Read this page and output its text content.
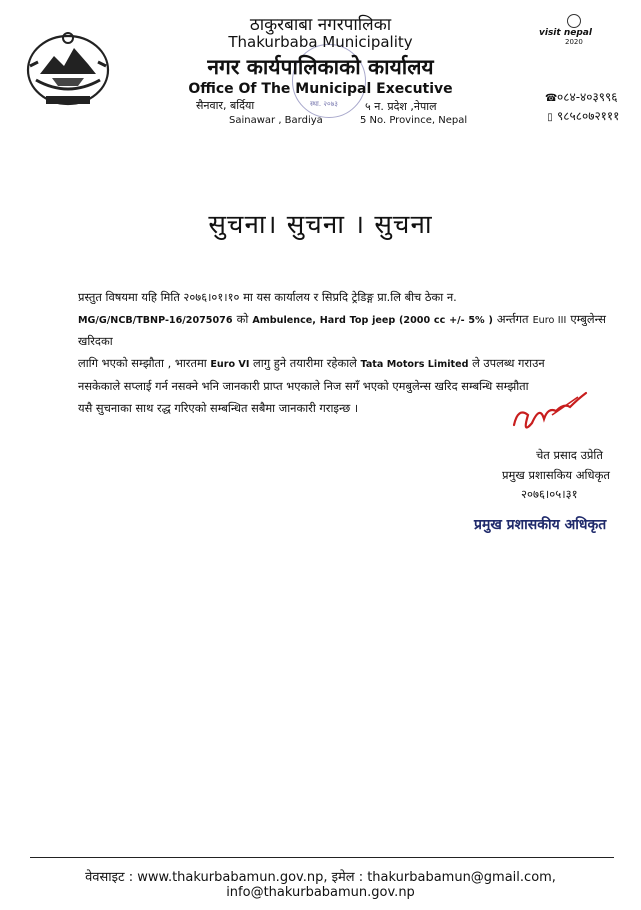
visit nepal
2020
स्था. २०७३
ठाकुरबाबा नगरपालिका
Thakurbaba Municipality
नगर कार्यपालिकाको कार्यालय
Office Of The Municipal Executive
सैनवार, बर्दिया	५ न. प्रदेश ,नेपाल
Sainawar , Bardiya	5 No. Province, Nepal
☎०८४-४०३९९६
▯ ९८५८०७२१११
सुचना। सुचना । सुचना
प्रस्तुत विषयमा यहि मिति २०७६।०१।१० मा यस कार्यालय र सिप्रदि ट्रेडिङ्ग प्रा.लि बीच ठेका न.
MG/G/NCB/TBNP-16/2075076 को Ambulence, Hard Top jeep (2000 cc +/- 5% ) अर्न्तगत Euro III एम्बुलेन्स खरिदका
लागि भएको सम्झौता , भारतमा Euro VI लागु हुने तयारीमा रहेकाले Tata Motors Limited ले उपलब्ध गराउन
नसकेकाले सप्लाई गर्न नसक्ने भनि जानकारी प्राप्त भएकाले निज सगँ भएको एमबुलेन्स खरिद सम्बन्धि सम्झौता
यसै सुचनाका साथ रद्ध गरिएको सम्बन्धित सबैमा जानकारी गराइन्छ ।
चेत प्रसाद उप्रेति
प्रमुख प्रशासकिय अधिकृत
२०७६।०५।३१
प्रमुख प्रशासकीय अधिकृत
वेवसाइट : www.thakurbabamun.gov.np, इमेल : thakurbabamun@gmail.com, info@thakurbabamun.gov.np
